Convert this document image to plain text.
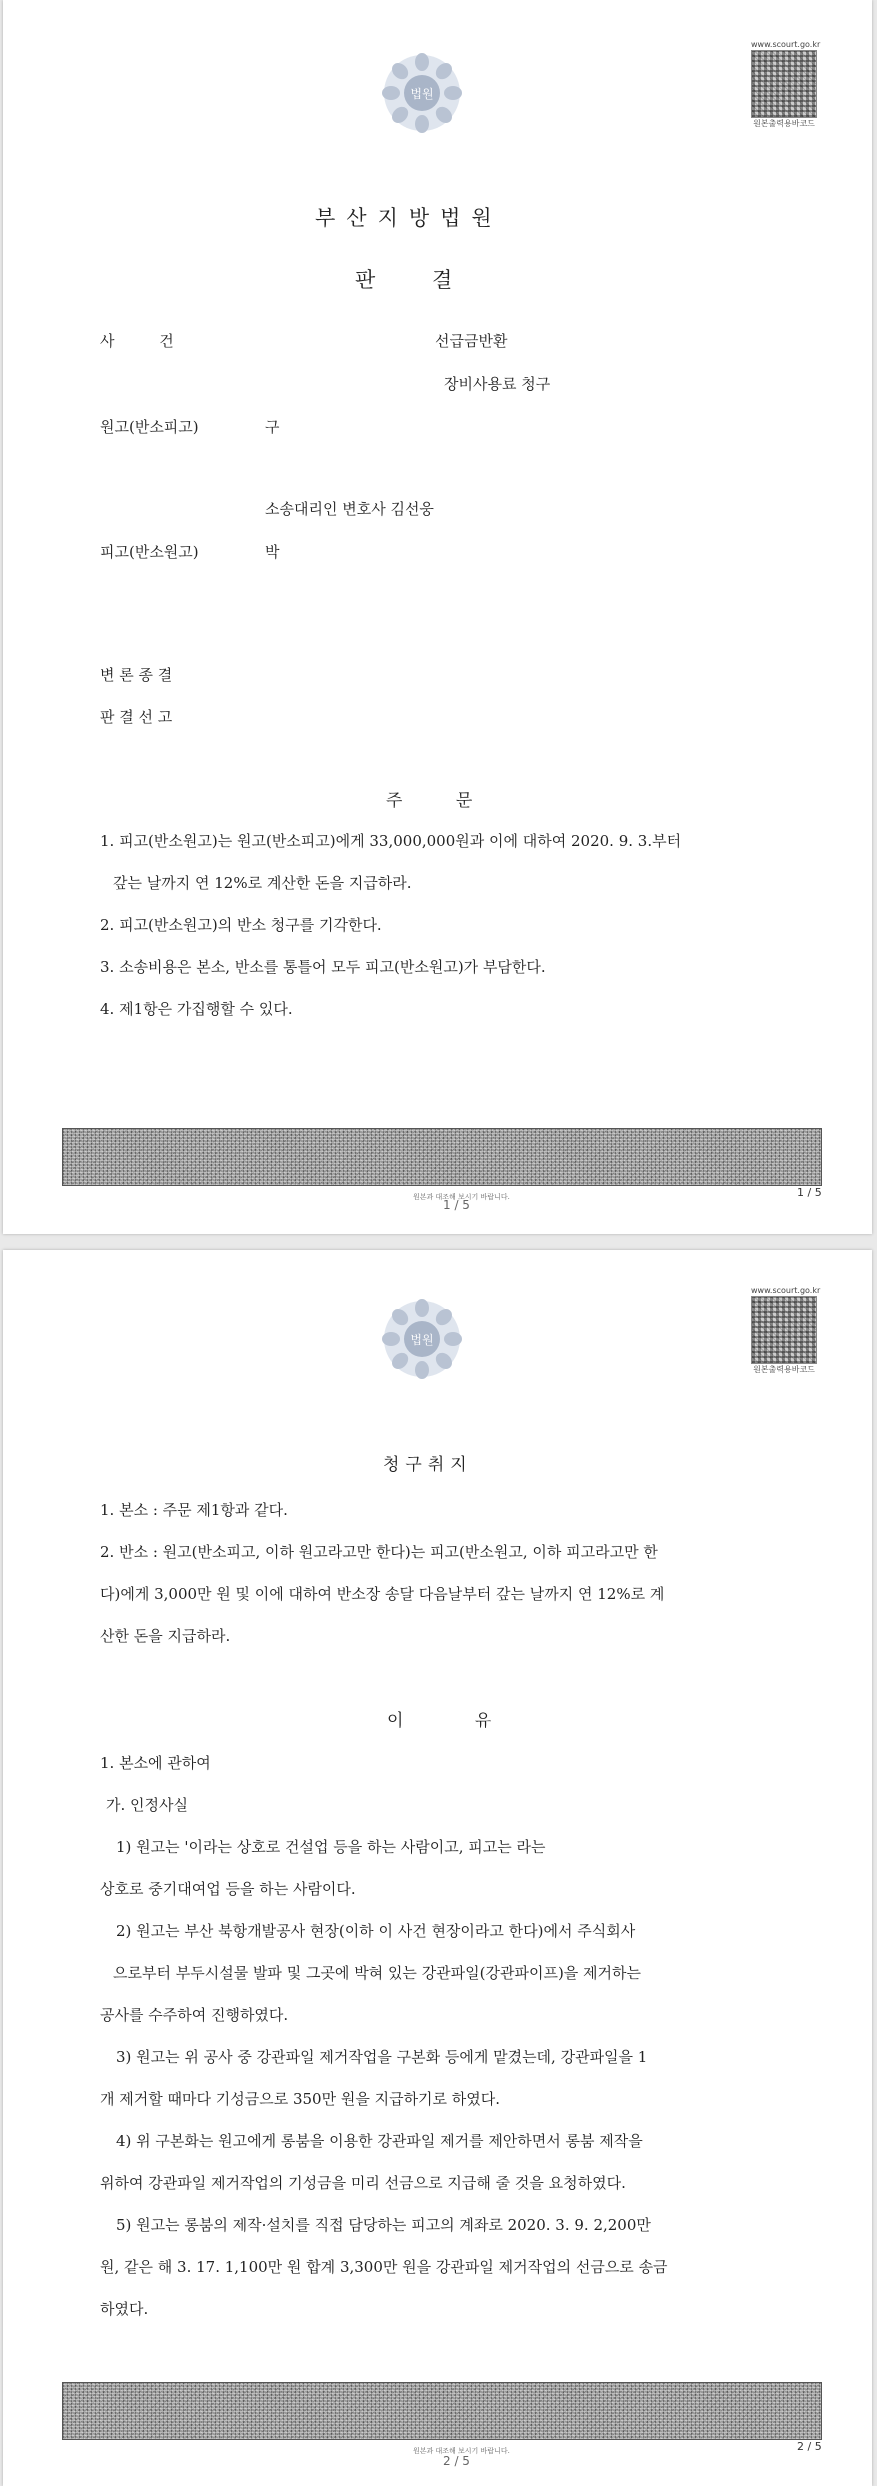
법원
www.scourt.go.kr
원본출력용바코드
부산지방법원
판 결
사 건	선급금반환
장비사용료 청구
원고(반소피고)	구
소송대리인 변호사 김선웅
피고(반소원고)	박
변 론 종 결
판 결 선 고
주 문
1. 피고(반소원고)는 원고(반소피고)에게 33,000,000원과 이에 대하여 2020. 9. 3.부터
갚는 날까지 연 12%로 계산한 돈을 지급하라.
2. 피고(반소원고)의 반소 청구를 기각한다.
3. 소송비용은 본소, 반소를 통틀어 모두 피고(반소원고)가 부담한다.
4. 제1항은 가집행할 수 있다.
원본과 대조해 보시기 바랍니다.
1 / 5
1 / 5
법원
www.scourt.go.kr
원본출력용바코드
청구취지
1. 본소 : 주문 제1항과 같다.
2. 반소 : 원고(반소피고, 이하 원고라고만 한다)는 피고(반소원고, 이하 피고라고만 한
다)에게 3,000만 원 및 이에 대하여 반소장 송달 다음날부터 갚는 날까지 연 12%로 계
산한 돈을 지급하라.
이 유
1. 본소에 관하여
가. 인정사실
1) 원고는 '이라는 상호로 건설업 등을 하는 사람이고, 피고는 라는
상호로 중기대여업 등을 하는 사람이다.
2) 원고는 부산 북항개발공사 현장(이하 이 사건 현장이라고 한다)에서 주식회사
으로부터 부두시설물 발파 및 그곳에 박혀 있는 강관파일(강관파이프)을 제거하는
공사를 수주하여 진행하였다.
3) 원고는 위 공사 중 강관파일 제거작업을 구본화 등에게 맡겼는데, 강관파일을 1
개 제거할 때마다 기성금으로 350만 원을 지급하기로 하였다.
4) 위 구본화는 원고에게 롱붐을 이용한 강관파일 제거를 제안하면서 롱붐 제작을
위하여 강관파일 제거작업의 기성금을 미리 선금으로 지급해 줄 것을 요청하였다.
5) 원고는 롱붐의 제작·설치를 직접 담당하는 피고의 계좌로 2020. 3. 9. 2,200만
원, 같은 해 3. 17. 1,100만 원 합계 3,300만 원을 강관파일 제거작업의 선금으로 송금
하였다.
원본과 대조해 보시기 바랍니다.
2 / 5
2 / 5
